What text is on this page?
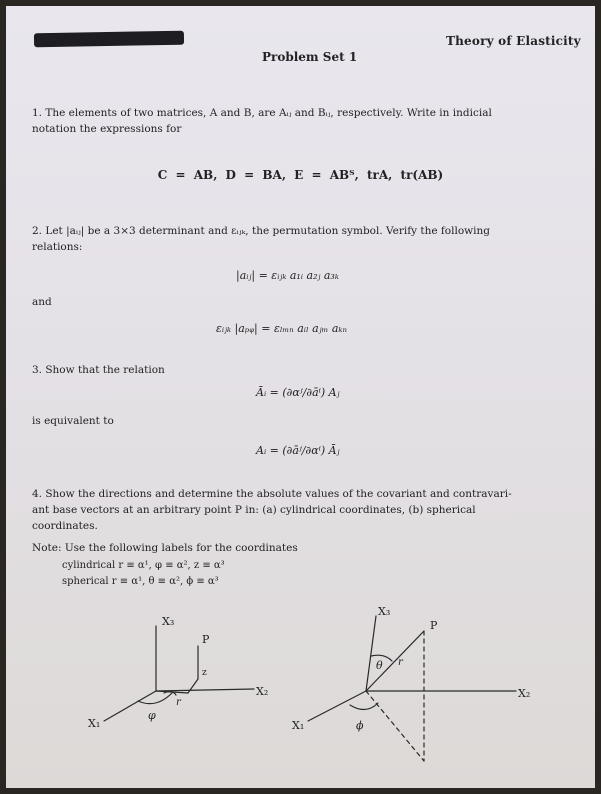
Theory of Elasticity
Problem Set 1
1. The elements of two matrices, A and B, are Aᵢⱼ and Bᵢⱼ, respectively. Write in indicial
notation the expressions for
C = AB, D = BA, E = ABᵀ, trA, tr(AB)
2. Let |aᵢⱼ| be a 3×3 determinant and εᵢⱼₖ, the permutation symbol. Verify the following
relations:
|aᵢⱼ| = εᵢⱼₖ a₁ᵢ a₂ⱼ a₃ₖ
and
εᵢⱼₖ |aₚᵩ| = εₗₘₙ aᵢₗ aⱼₘ aₖₙ
3. Show that the relation
Āᵢ = (∂αʲ/∂āⁱ) Aⱼ
is equivalent to
Aᵢ = (∂āʲ/∂αⁱ) Āⱼ
4. Show the directions and determine the absolute values of the covariant and contravari-
ant base vectors at an arbitrary point P in: (a) cylindrical coordinates, (b) spherical
coordinates.
Note: Use the following labels for the coordinates
cylindrical r ≡ α¹, φ ≡ α², z ≡ α³
spherical r ≡ α¹, θ ≡ α², ϕ ≡ α³
X₃
P
z
X₂
X₁
φ
r
X₃
P
θ r
X₂
X₁	ϕ
